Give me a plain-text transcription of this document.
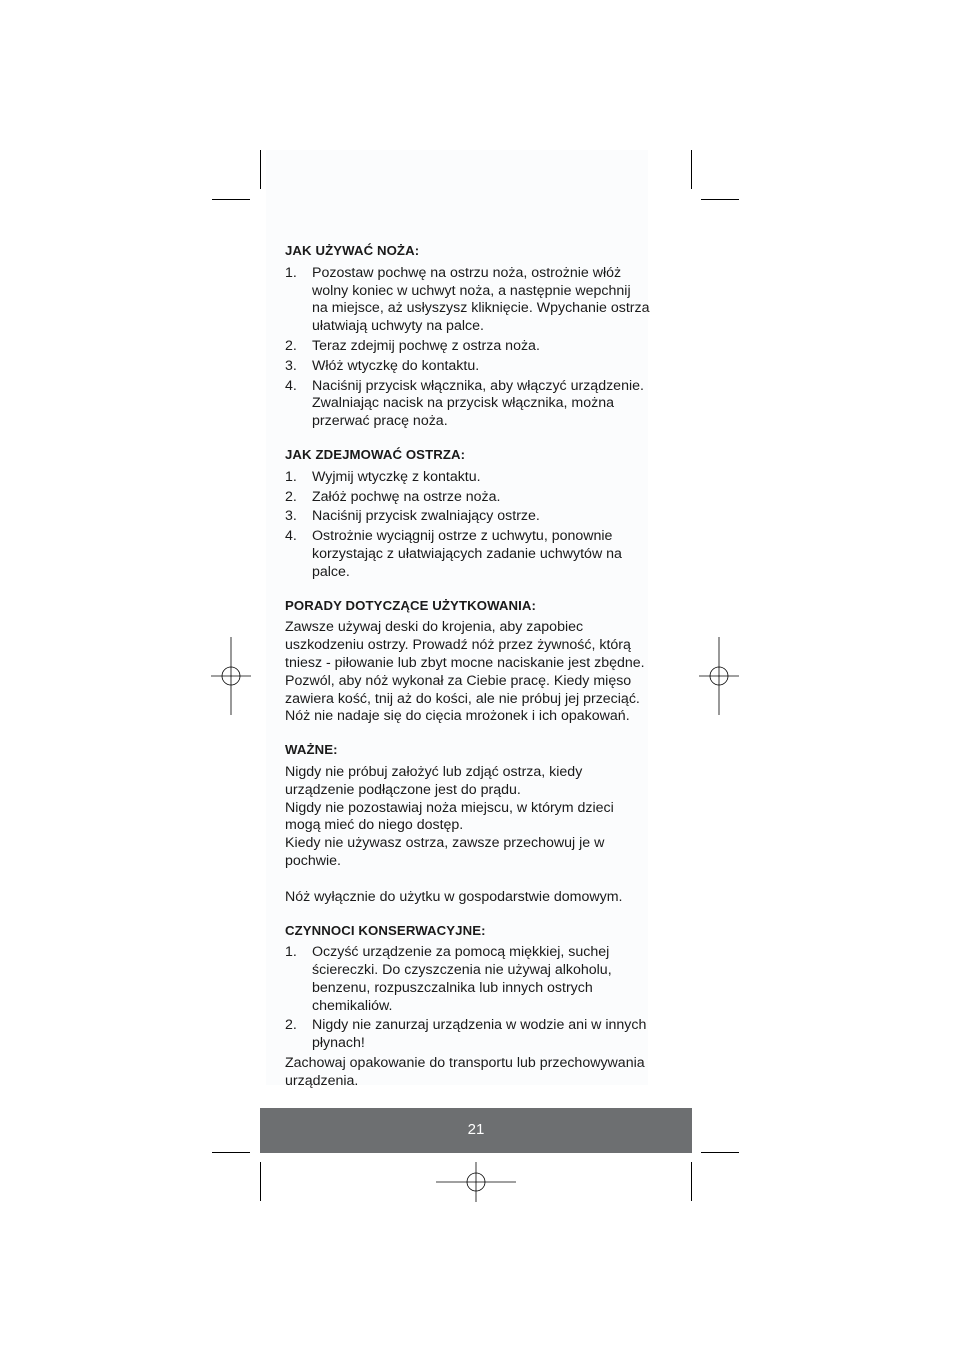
JAK UŻYWAĆ NOŻA:
1. Pozostaw pochwę na ostrzu noża, ostrożnie włóż wolny koniec w uchwyt noża, a następnie wepchnij na miejsce, aż usłyszysz kliknięcie. Wpychanie ostrza ułatwiają uchwyty na palce.
2. Teraz zdejmij pochwę z ostrza noża.
3. Włóż wtyczkę do kontaktu.
4. Naciśnij przycisk włącznika, aby włączyć urządzenie. Zwalniając nacisk na przycisk włącznika, można przerwać pracę noża.
JAK ZDEJMOWAĆ OSTRZA:
1. Wyjmij wtyczkę z kontaktu.
2. Załóż pochwę na ostrze noża.
3. Naciśnij przycisk zwalniający ostrze.
4. Ostrożnie wyciągnij ostrze z uchwytu, ponownie korzystając z ułatwiających zadanie uchwytów na palce.
PORADY DOTYCZĄCE UŻYTKOWANIA:

Zawsze używaj deski do krojenia, aby zapobiec uszkodzeniu ostrzy. Prowadź nóż przez żywność, którą tniesz - piłowanie lub zbyt mocne naciskanie jest zbędne. Pozwól, aby nóż wykonał za Ciebie pracę. Kiedy mięso zawiera kość, tnij aż do kości, ale nie próbuj jej przeciąć. Nóż nie nadaje się do cięcia mrożonek i ich opakowań.

WAŻNE:

Nigdy nie próbuj założyć lub zdjąć ostrza, kiedy urządzenie podłączone jest do prądu.

Nigdy nie pozostawiaj noża miejscu, w którym dzieci mogą mieć do niego dostęp.

Kiedy nie używasz ostrza, zawsze przechowuj je w pochwie.

Nóż wyłącznie do użytku w gospodarstwie domowym.

CZYNNOCI KONSERWACYJNE:
1. Oczyść urządzenie za pomocą miękkiej, suchej ściereczki. Do czyszczenia nie używaj alkoholu, benzenu, rozpuszczalnika lub innych ostrych chemikaliów.
2. Nigdy nie zanurzaj urządzenia w wodzie ani w innych płynach!

Zachowaj opakowanie do transportu lub przechowywania urządzenia.

21
